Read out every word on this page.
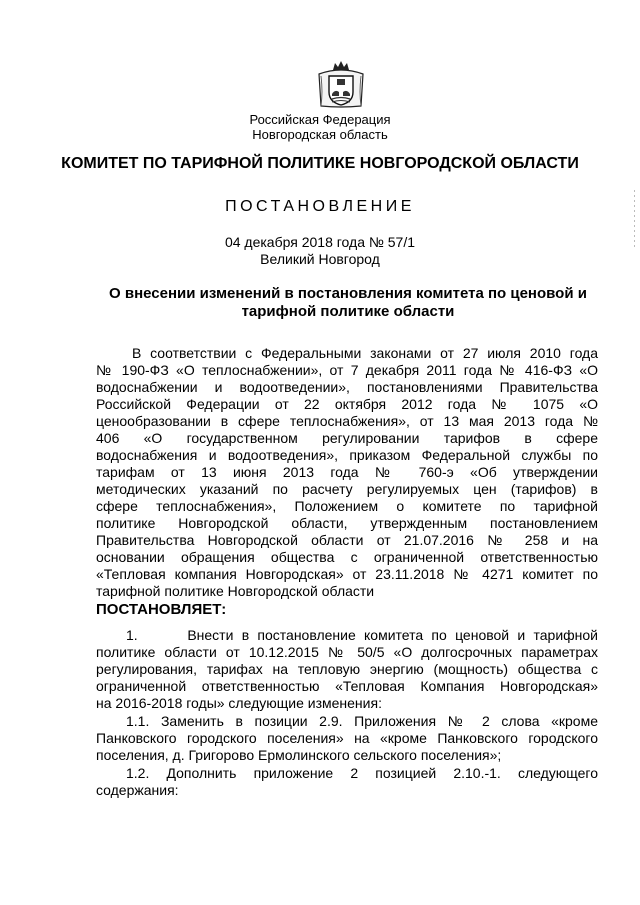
Российская Федерация
Новгородская область
КОМИТЕТ ПО ТАРИФНОЙ ПОЛИТИКЕ НОВГОРОДСКОЙ ОБЛАСТИ
ПОСТАНОВЛЕНИЕ
04 декабря 2018 года № 57/1
Великий Новгород
О внесении изменений в постановления комитета по ценовой и тарифной политике области
В соответствии с Федеральными законами от 27 июля 2010 года
№ 190-ФЗ «О теплоснабжении», от 7 декабря 2011 года № 416-ФЗ «О
водоснабжении и водоотведении», постановлениями Правительства
Российской Федерации от 22 октября 2012 года № 1075 «О
ценообразовании в сфере теплоснабжения», от 13 мая 2013 года №
406 «О государственном регулировании тарифов в сфере
водоснабжения и водоотведения», приказом Федеральной службы по
тарифам от 13 июня 2013 года № 760-э «Об утверждении
методических указаний по расчету регулируемых цен (тарифов) в
сфере теплоснабжения», Положением о комитете по тарифной
политике Новгородской области, утвержденным постановлением
Правительства Новгородской области от 21.07.2016 № 258 и на
основании обращения общества с ограниченной ответственностью
«Тепловая компания Новгородская» от 23.11.2018 № 4271 комитет по
тарифной политике Новгородской области
ПОСТАНОВЛЯЕТ:
1.      Внести в постановление комитета по ценовой и тарифной
политике области от 10.12.2015 № 50/5 «О долгосрочных параметрах
регулирования, тарифах на тепловую энергию (мощность) общества с
ограниченной ответственностью «Тепловая Компания Новгородская»
на 2016-2018 годы» следующие изменения:
1.1. Заменить в позиции 2.9. Приложения № 2 слова «кроме
Панковского городского поселения» на «кроме Панковского городского
поселения, д. Григорово Ермолинского сельского поселения»;
1.2. Дополнить приложение 2 позицией 2.10.-1. следующего
содержания:
